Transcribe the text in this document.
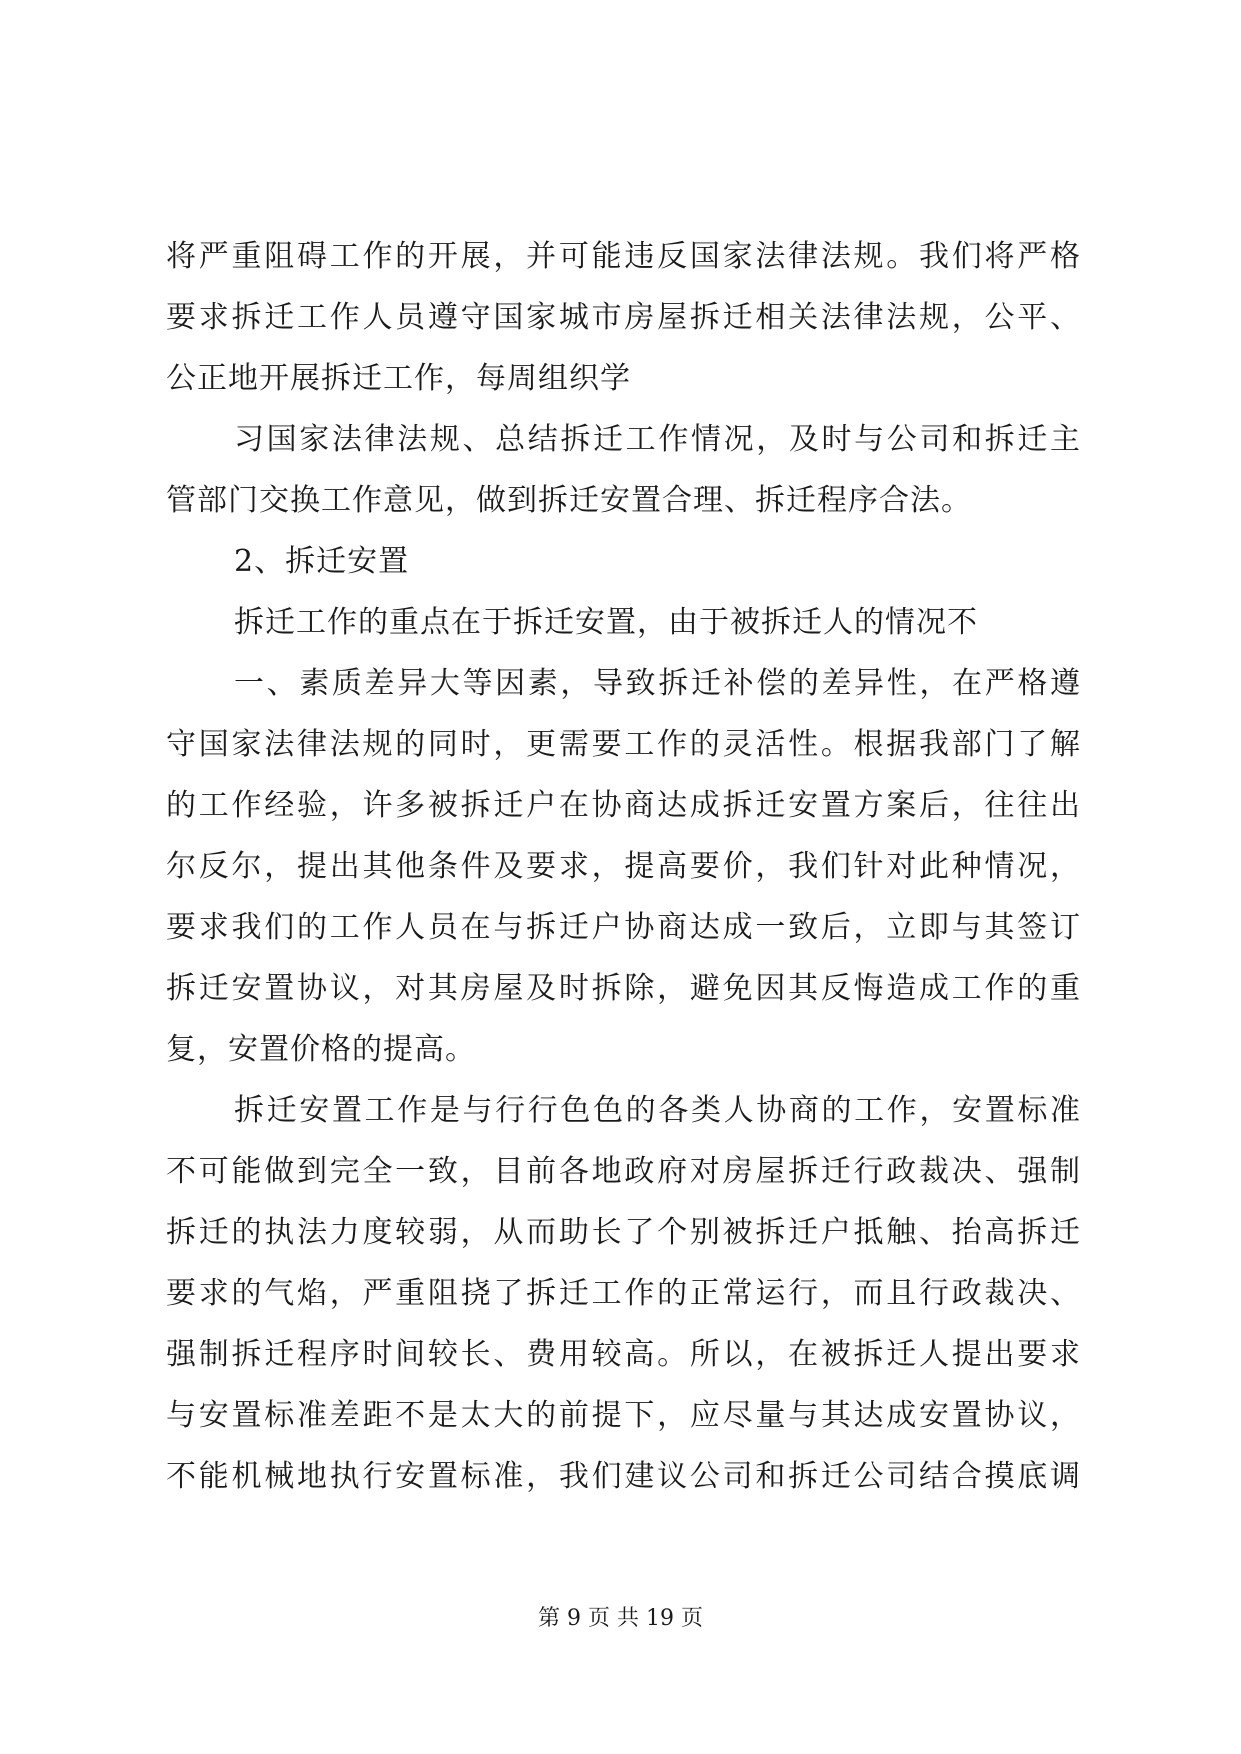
将严重阻碍工作的开展，并可能违反国家法律法规。我们将严格
要求拆迁工作人员遵守国家城市房屋拆迁相关法律法规，公平、
公正地开展拆迁工作，每周组织学
习国家法律法规、总结拆迁工作情况，及时与公司和拆迁主
管部门交换工作意见，做到拆迁安置合理、拆迁程序合法。
2、拆迁安置
拆迁工作的重点在于拆迁安置，由于被拆迁人的情况不
一、素质差异大等因素，导致拆迁补偿的差异性，在严格遵
守国家法律法规的同时，更需要工作的灵活性。根据我部门了解
的工作经验，许多被拆迁户在协商达成拆迁安置方案后，往往出
尔反尔，提出其他条件及要求，提高要价，我们针对此种情况，
要求我们的工作人员在与拆迁户协商达成一致后，立即与其签订
拆迁安置协议，对其房屋及时拆除，避免因其反悔造成工作的重
复，安置价格的提高。
拆迁安置工作是与行行色色的各类人协商的工作，安置标准
不可能做到完全一致，目前各地政府对房屋拆迁行政裁决、强制
拆迁的执法力度较弱，从而助长了个别被拆迁户抵触、抬高拆迁
要求的气焰，严重阻挠了拆迁工作的正常运行，而且行政裁决、
强制拆迁程序时间较长、费用较高。所以，在被拆迁人提出要求
与安置标准差距不是太大的前提下，应尽量与其达成安置协议，
不能机械地执行安置标准，我们建议公司和拆迁公司结合摸底调
第 9 页 共 19 页
